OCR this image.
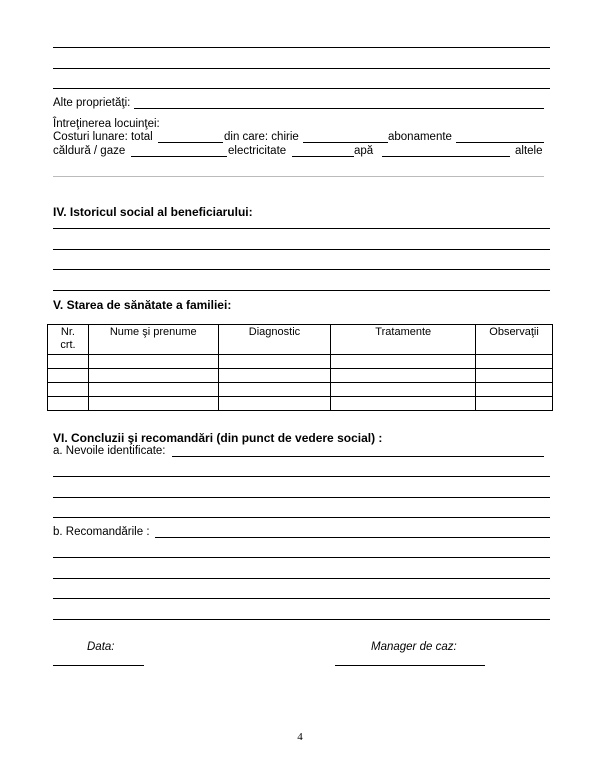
Alte proprietăţi:
Întreţinerea locuinţei:
Costuri lunare: total	din care: chirie	abonamente
căldură / gaze	electricitate	apă	altele
IV. Istoricul social al beneficiarului:
V. Starea de sănătate a familiei:
Nr.
crt.	Nume şi prenume	Diagnostic	Tratamente	Observaţii

VI. Concluzii şi recomandări (din punct de vedere social) :
a. Nevoile identificate:
b. Recomandările :
Data:	Manager de caz:
4
